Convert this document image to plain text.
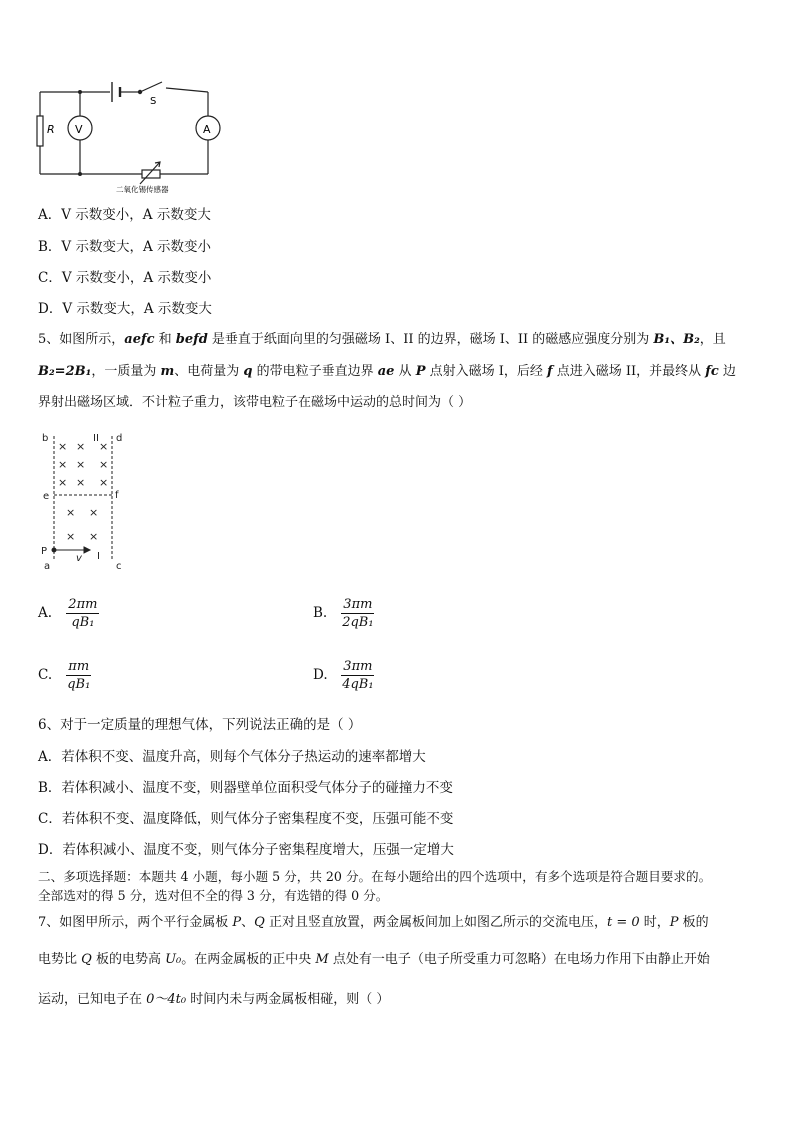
R V	A
S
二氧化锡传感器
A．V 示数变小，A 示数变大
B．V 示数变大，A 示数变小
C．V 示数变小，A 示数变小
D．V 示数变大，A 示数变大
5、如图所示，aefc 和 befd 是垂直于纸面向里的匀强磁场 I、II 的边界，磁场 I、II 的磁感应强度分别为 B₁、B₂，且
B₂=2B₁，一质量为 m、电荷量为 q 的带电粒子垂直边界 ae 从 P 点射入磁场 I，后经 f 点进入磁场 II，并最终从 fc 边
界射出磁场区域．不计粒子重力，该带电粒子在磁场中运动的总时间为（ ）
b	II d
e	f
P
v I
a	c
× × ×
× × ×
× × ×
× ×
× ×
A. $\frac{2\pi m}{\text{qB₁}}$	B. $\frac{3\pi m}{\text{2qB₁}}$
C. $\frac{\pi m}{\text{qB₁}}$	D. $\frac{3\pi m}{\text{4qB₁}}$
6、对于一定质量的理想气体，下列说法正确的是（ ）
A．若体积不变、温度升高，则每个气体分子热运动的速率都增大
B．若体积减小、温度不变，则器壁单位面积受气体分子的碰撞力不变
C．若体积不变、温度降低，则气体分子密集程度不变，压强可能不变
D．若体积减小、温度不变，则气体分子密集程度增大，压强一定增大
二、多项选择题：本题共 4 小题，每小题 5 分，共 20 分。在每小题给出的四个选项中，有多个选项是符合题目要求的。
全部选对的得 5 分，选对但不全的得 3 分，有选错的得 0 分。
7、如图甲所示，两个平行金属板 P、Q 正对且竖直放置，两金属板间加上如图乙所示的交流电压，t = 0 时，P 板的
电势比 Q 板的电势高 U₀。在两金属板的正中央 M 点处有一电子（电子所受重力可忽略）在电场力作用下由静止开始
运动，已知电子在 0～4t₀ 时间内未与两金属板相碰，则（ ）
